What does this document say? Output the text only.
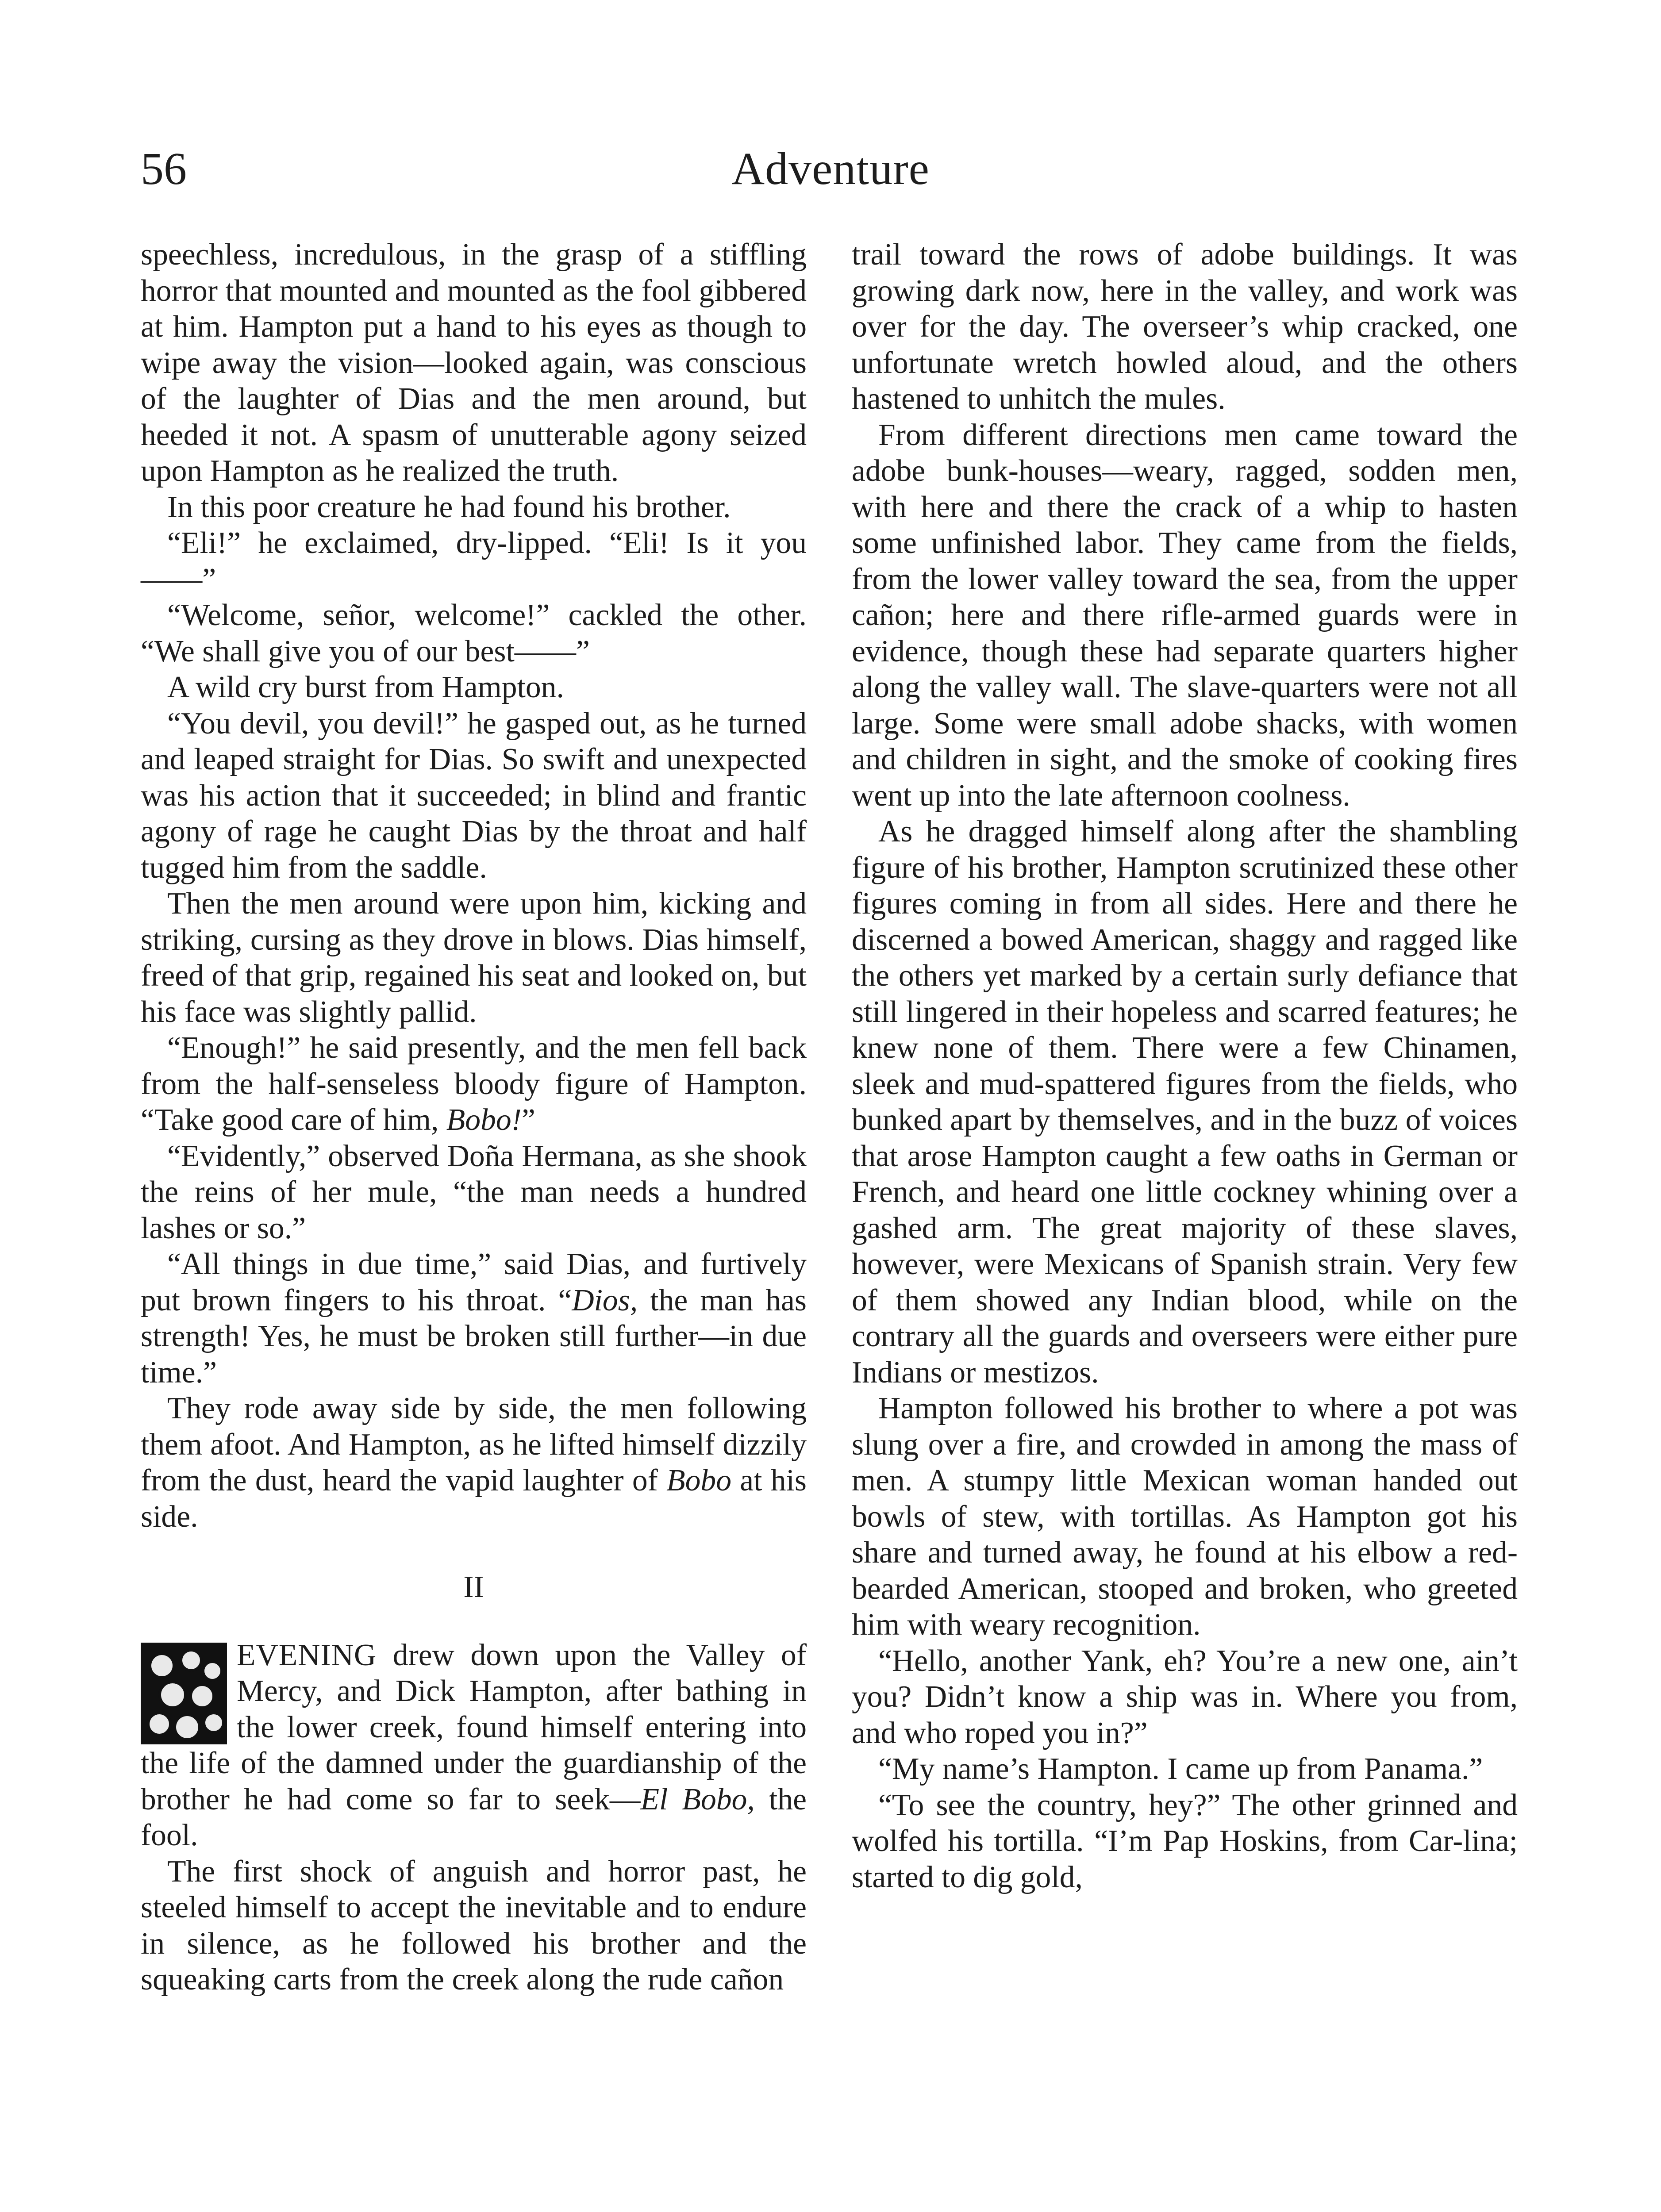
56	Adventure

speechless, incredulous, in the grasp of a stiffling horror that mounted and mounted as the fool gibbered at him. Hampton put a hand to his eyes as though to wipe away the vision—looked again, was conscious of the laughter of Dias and the men around, but heeded it not. A spasm of unutterable agony seized upon Hampton as he realized the truth.

In this poor creature he had found his brother.

“Eli!” he exclaimed, dry-lipped. “Eli! Is it you——”

“Welcome, señor, welcome!” cackled the other. “We shall give you of our best——”

A wild cry burst from Hampton.

“You devil, you devil!” he gasped out, as he turned and leaped straight for Dias. So swift and unexpected was his action that it succeeded; in blind and frantic agony of rage he caught Dias by the throat and half tugged him from the saddle.

Then the men around were upon him, kicking and striking, cursing as they drove in blows. Dias himself, freed of that grip, regained his seat and looked on, but his face was slightly pallid.

“Enough!” he said presently, and the men fell back from the half-senseless bloody figure of Hampton. “Take good care of him, Bobo!”

“Evidently,” observed Doña Hermana, as she shook the reins of her mule, “the man needs a hundred lashes or so.”

“All things in due time,” said Dias, and furtively put brown fingers to his throat. “Dios, the man has strength! Yes, he must be broken still further—in due time.”

They rode away side by side, the men following them afoot. And Hampton, as he lifted himself dizzily from the dust, heard the vapid laughter of Bobo at his side.

II

EVENING drew down upon the Valley of Mercy, and Dick Hampton, after bathing in the lower creek, found himself entering into the life of the damned under the guardianship of the brother he had come so far to seek—El Bobo, the fool.

The first shock of anguish and horror past, he steeled himself to accept the inevitable and to endure in silence, as he followed his brother and the squeaking carts from the creek along the rude cañon

trail toward the rows of adobe buildings. It was growing dark now, here in the valley, and work was over for the day. The overseer’s whip cracked, one unfortunate wretch howled aloud, and the others hastened to unhitch the mules.

From different directions men came toward the adobe bunk-houses—weary, ragged, sodden men, with here and there the crack of a whip to hasten some unfinished labor. They came from the fields, from the lower valley toward the sea, from the upper cañon; here and there rifle-armed guards were in evidence, though these had separate quarters higher along the valley wall. The slave-quarters were not all large. Some were small adobe shacks, with women and children in sight, and the smoke of cooking fires went up into the late afternoon coolness.

As he dragged himself along after the shambling figure of his brother, Hampton scrutinized these other figures coming in from all sides. Here and there he discerned a bowed American, shaggy and ragged like the others yet marked by a certain surly defiance that still lingered in their hopeless and scarred features; he knew none of them. There were a few Chinamen, sleek and mud-spattered figures from the fields, who bunked apart by themselves, and in the buzz of voices that arose Hampton caught a few oaths in German or French, and heard one little cockney whining over a gashed arm. The great majority of these slaves, however, were Mexicans of Spanish strain. Very few of them showed any Indian blood, while on the contrary all the guards and overseers were either pure Indians or mestizos.

Hampton followed his brother to where a pot was slung over a fire, and crowded in among the mass of men. A stumpy little Mexican woman handed out bowls of stew, with tortillas. As Hampton got his share and turned away, he found at his elbow a red-bearded American, stooped and broken, who greeted him with weary recognition.

“Hello, another Yank, eh? You’re a new one, ain’t you? Didn’t know a ship was in. Where you from, and who roped you in?”

“My name’s Hampton. I came up from Panama.”

“To see the country, hey?” The other grinned and wolfed his tortilla. “I’m Pap Hoskins, from Car-lina; started to dig gold,
